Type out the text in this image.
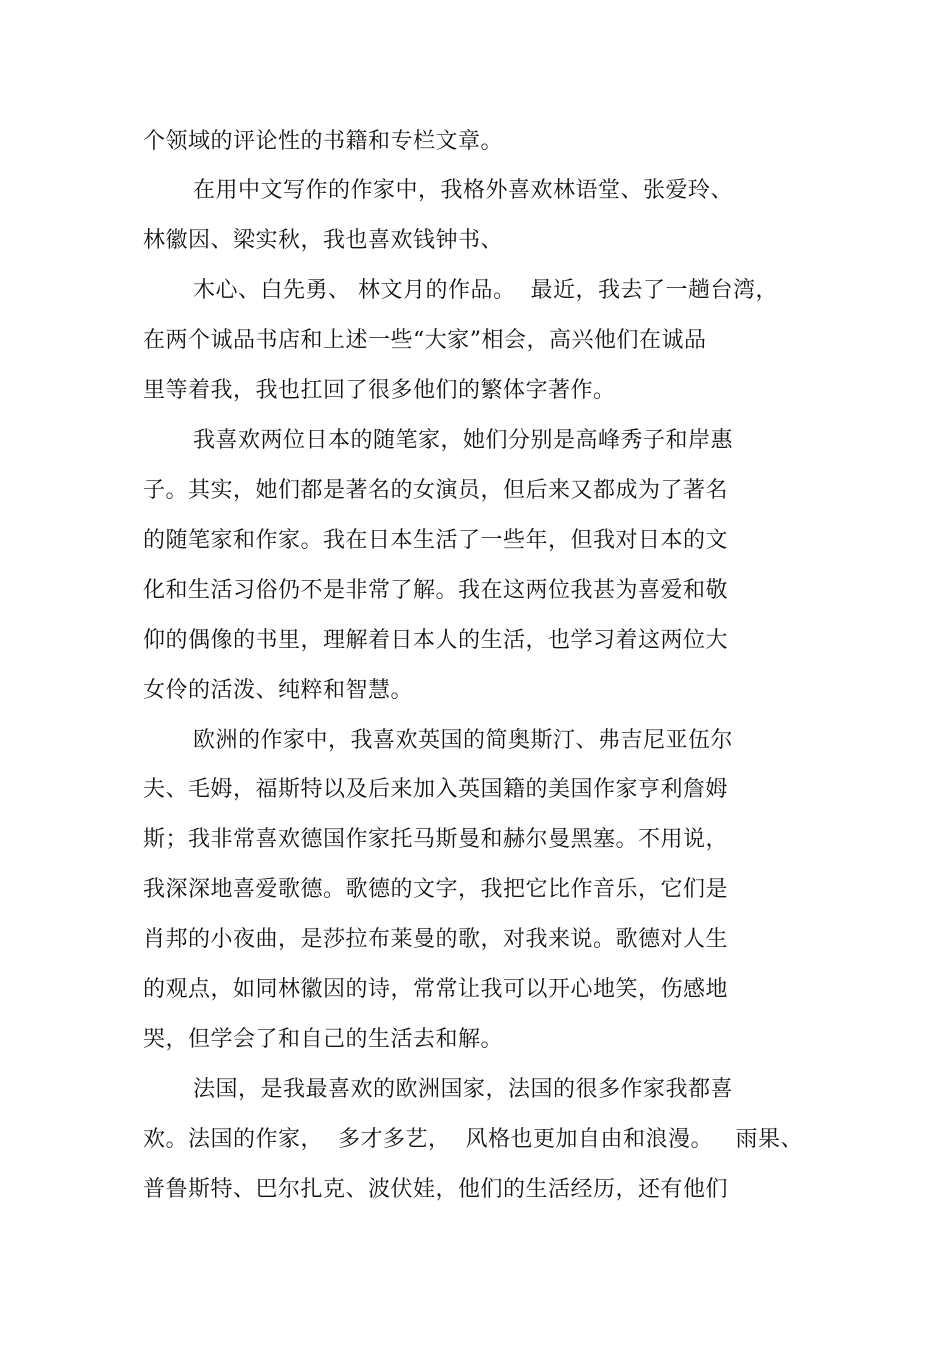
个领域的评论性的书籍和专栏文章。
在用中文写作的作家中，我格外喜欢林语堂、张爱玲、
林徽因、梁实秋，我也喜欢钱钟书、
木心、白先勇、 林文月的作品。  最近，我去了一趟台湾，
在两个诚品书店和上述一些“大家”相会，高兴他们在诚品
里等着我，我也扛回了很多他们的繁体字著作。
我喜欢两位日本的随笔家，她们分别是高峰秀子和岸惠
子。其实，她们都是著名的女演员，但后来又都成为了著名
的随笔家和作家。我在日本生活了一些年，但我对日本的文
化和生活习俗仍不是非常了解。我在这两位我甚为喜爱和敬
仰的偶像的书里，理解着日本人的生活，也学习着这两位大
女伶的活泼、纯粹和智慧。
欧洲的作家中，我喜欢英国的简奥斯汀、弗吉尼亚伍尔
夫、毛姆，福斯特以及后来加入英国籍的美国作家亨利詹姆
斯；我非常喜欢德国作家托马斯曼和赫尔曼黑塞。不用说，
我深深地喜爱歌德。歌德的文字，我把它比作音乐，它们是
肖邦的小夜曲，是莎拉布莱曼的歌，对我来说。歌德对人生
的观点，如同林徽因的诗，常常让我可以开心地笑，伤感地
哭，但学会了和自己的生活去和解。
法国，是我最喜欢的欧洲国家，法国的很多作家我都喜
欢。法国的作家，  多才多艺，  风格也更加自由和浪漫。   雨果、
普鲁斯特、巴尔扎克、波伏娃，他们的生活经历，还有他们
